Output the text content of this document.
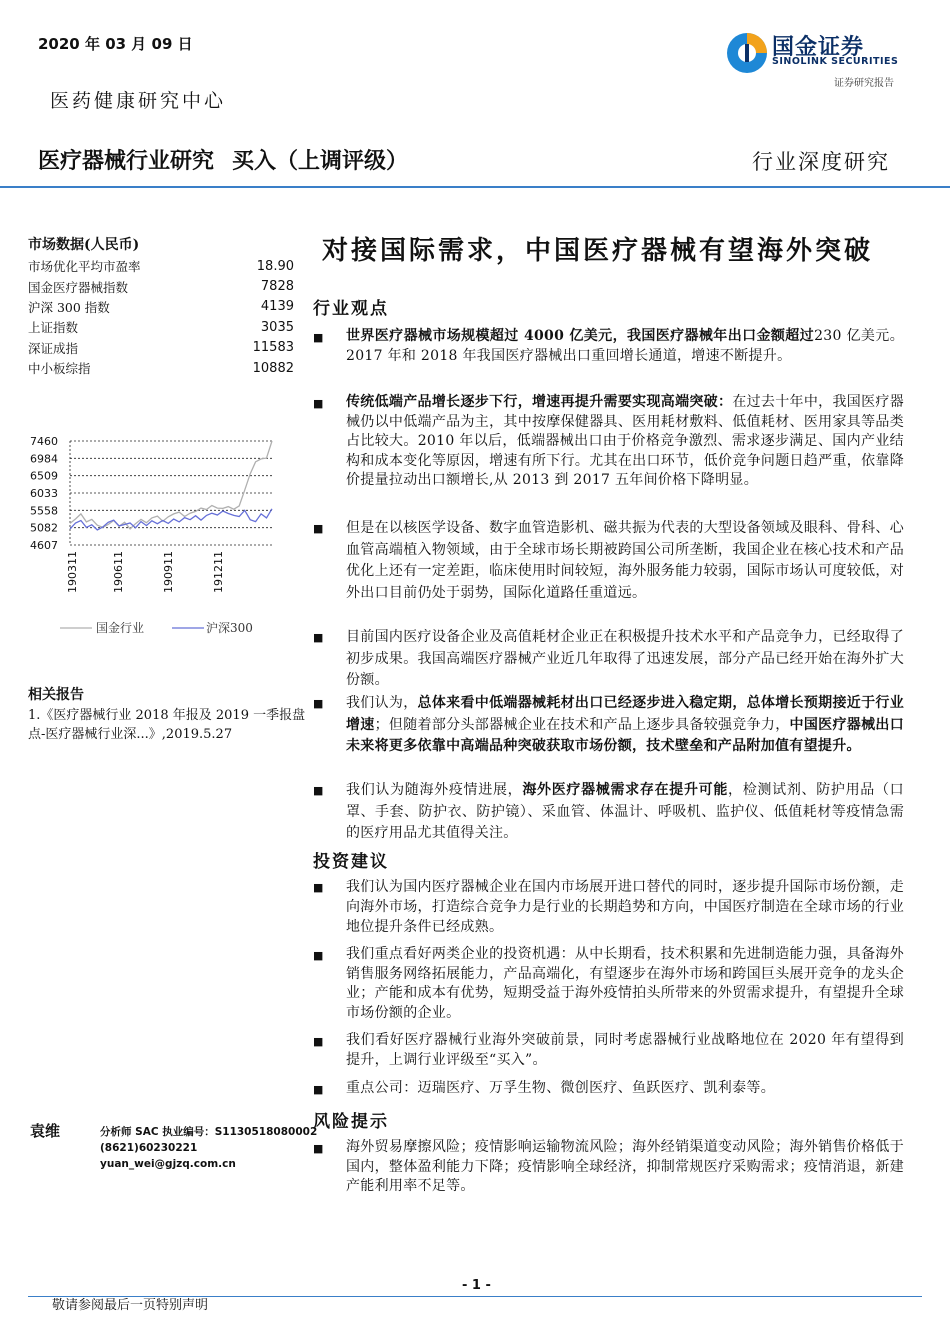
2020 年 03 月 09 日
医药健康研究中心
国金证券
SINOLINK SECURITIES
证券研究报告
医疗器械行业研究 买入（上调评级）	行业深度研究
市场数据(人民币)
市场优化平均市盈率	18.90
国金医疗器械指数	7828
沪深 300 指数	4139
上证指数	3035
深证成指	11583
中小板综指	10882
7460
6984
6509
6033
5558
5082
4607
190311	190611	190911	191211
国金行业	沪深300
相关报告
1.《医疗器械行业 2018 年报及 2019 一季报盘点-医疗器械行业深...》,2019.5.27
袁维	分析师 SAC 执业编号：S1130518080002
(8621)60230221
yuan_wei@gjzq.com.cn
对接国际需求，中国医疗器械有望海外突破
行业观点
■ 世界医疗器械市场规模超过 4000 亿美元，我国医疗器械年出口金额超过230 亿美元。2017 年和 2018 年我国医疗器械出口重回增长通道，增速不断提升。
■ 传统低端产品增长逐步下行，增速再提升需要实现高端突破：在过去十年中，我国医疗器械仍以中低端产品为主，其中按摩保健器具、医用耗材敷料、低值耗材、医用家具等品类占比较大。2010 年以后，低端器械出口由于价格竞争激烈、需求逐步满足、国内产业结构和成本变化等原因，增速有所下行。尤其在出口环节，低价竞争问题日趋严重，依靠降价提量拉动出口额增长,从 2013 到 2017 五年间价格下降明显。
■ 但是在以核医学设备、数字血管造影机、磁共振为代表的大型设备领域及眼科、骨科、心血管高端植入物领域，由于全球市场长期被跨国公司所垄断，我国企业在核心技术和产品优化上还有一定差距，临床使用时间较短，海外服务能力较弱，国际市场认可度较低，对外出口目前仍处于弱势，国际化道路任重道远。
■ 目前国内医疗设备企业及高值耗材企业正在积极提升技术水平和产品竞争力，已经取得了初步成果。我国高端医疗器械产业近几年取得了迅速发展，部分产品已经开始在海外扩大份额。
■ 我们认为，总体来看中低端器械耗材出口已经逐步进入稳定期，总体增长预期接近于行业增速；但随着部分头部器械企业在技术和产品上逐步具备较强竞争力，中国医疗器械出口未来将更多依靠中高端品种突破获取市场份额，技术壁垒和产品附加值有望提升。
■ 我们认为随海外疫情进展，海外医疗器械需求存在提升可能，检测试剂、防护用品（口罩、手套、防护衣、防护镜）、采血管、体温计、呼吸机、监护仪、低值耗材等疫情急需的医疗用品尤其值得关注。
投资建议
■ 我们认为国内医疗器械企业在国内市场展开进口替代的同时，逐步提升国际市场份额，走向海外市场，打造综合竞争力是行业的长期趋势和方向，中国医疗制造在全球市场的行业地位提升条件已经成熟。
■ 我们重点看好两类企业的投资机遇：从中长期看，技术积累和先进制造能力强，具备海外销售服务网络拓展能力，产品高端化，有望逐步在海外市场和跨国巨头展开竞争的龙头企业；产能和成本有优势，短期受益于海外疫情拍头所带来的外贸需求提升，有望提升全球市场份额的企业。
■ 我们看好医疗器械行业海外突破前景，同时考虑器械行业战略地位在 2020 年有望得到提升，上调行业评级至“买入”。
■ 重点公司：迈瑞医疗、万孚生物、微创医疗、鱼跃医疗、凯利泰等。
风险提示
■ 海外贸易摩擦风险；疫情影响运输物流风险；海外经销渠道变动风险；海外销售价格低于国内，整体盈利能力下降；疫情影响全球经济，抑制常规医疗采购需求；疫情消退，新建产能利用率不足等。
- 1 -
敬请参阅最后一页特别声明
